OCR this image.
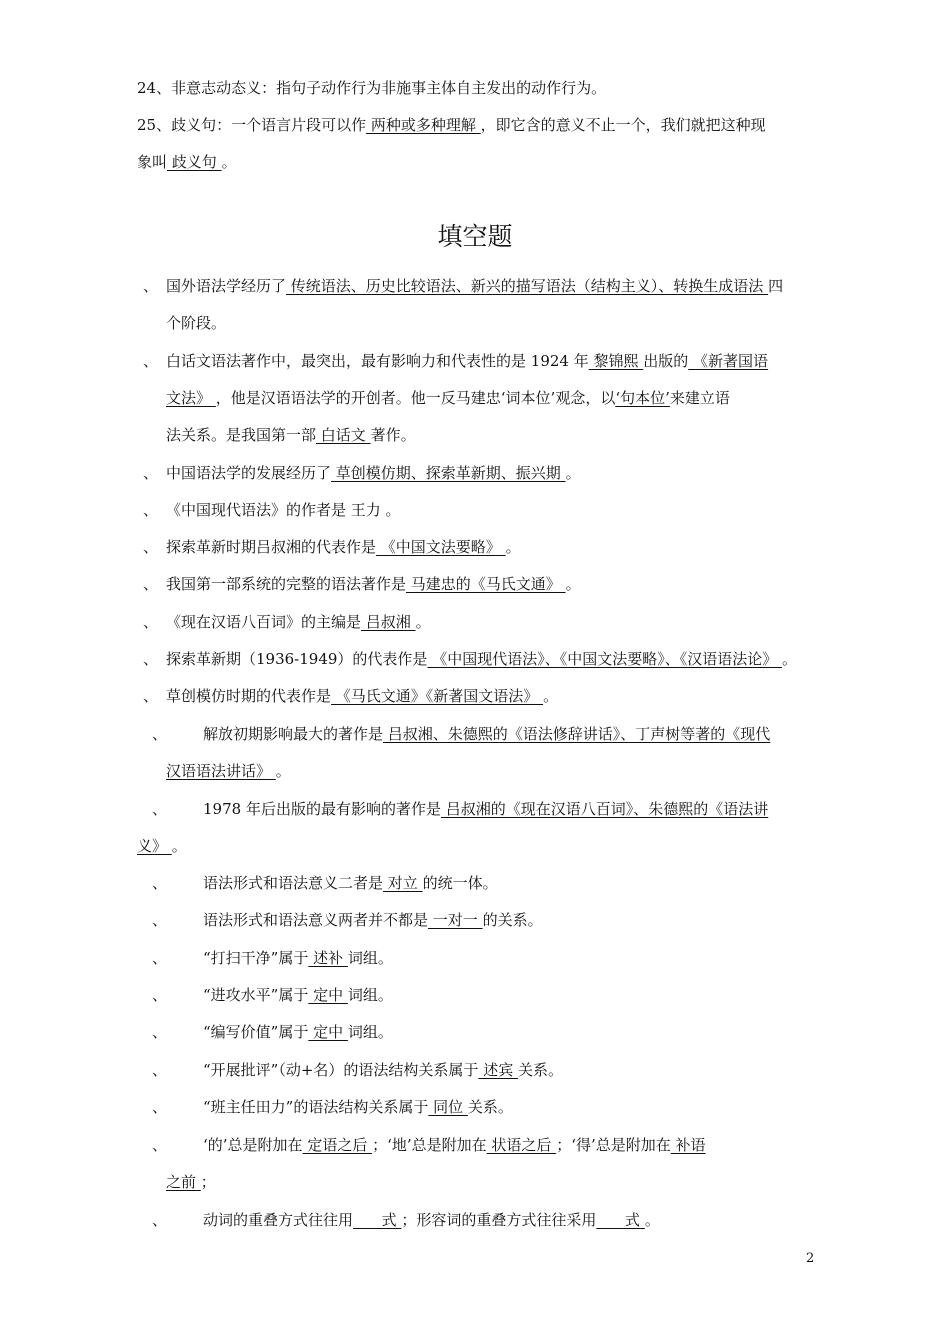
24、非意志动态义：指句子动作行为非施事主体自主发出的动作行为。
25、歧义句：一个语言片段可以作 两种或多种理解 ，即它含的意义不止一个，我们就把这种现
象叫 歧义句 。
填空题
、 国外语法学经历了 传统语法、历史比较语法、新兴的描写语法（结构主义）、转换生成语法 四
个阶段。
、 白话文语法著作中，最突出，最有影响力和代表性的是 1924 年 黎锦熙 出版的 《新著国语
文法》 ，他是汉语语法学的开创者。他一反马建忠‘词本位’观念，以‘句本位’来建立语
法关系。是我国第一部 白话文 著作。
、 中国语法学的发展经历了 草创模仿期、探索革新期、振兴期 。
、 《中国现代语法》的作者是 王力 。
、 探索革新时期吕叔湘的代表作是 《中国文法要略》 。
、 我国第一部系统的完整的语法著作是 马建忠的《马氏文通》 。
、 《现在汉语八百词》的主编是 吕叔湘 。
、 探索革新期（1936-1949）的代表作是 《中国现代语法》、《中国文法要略》、《汉语语法论》 。
、 草创模仿时期的代表作是 《马氏文通》《新著国文语法》 。
、 解放初期影响最大的著作是 吕叔湘、朱德熙的《语法修辞讲话》、丁声树等著的《现代
汉语语法讲话》 。
、 1978 年后出版的最有影响的著作是 吕叔湘的《现在汉语八百词》、朱德熙的《语法讲
义》 。
、 语法形式和语法意义二者是 对立 的统一体。
、 语法形式和语法意义两者并不都是 一对一 的关系。
、 “打扫干净”属于 述补 词组。
、 “进攻水平”属于 定中 词组。
、 “编写价值”属于 定中 词组。
、 “开展批评”（动+名）的语法结构关系属于 述宾 关系。
、 “班主任田力”的语法结构关系属于 同位 关系。
、 ‘的’总是附加在 定语之后 ；‘地’总是附加在 状语之后 ；‘得’总是附加在 补语
之前 ；
、 动词的重叠方式往往用      式 ；形容词的重叠方式往往采用      式 。
2
